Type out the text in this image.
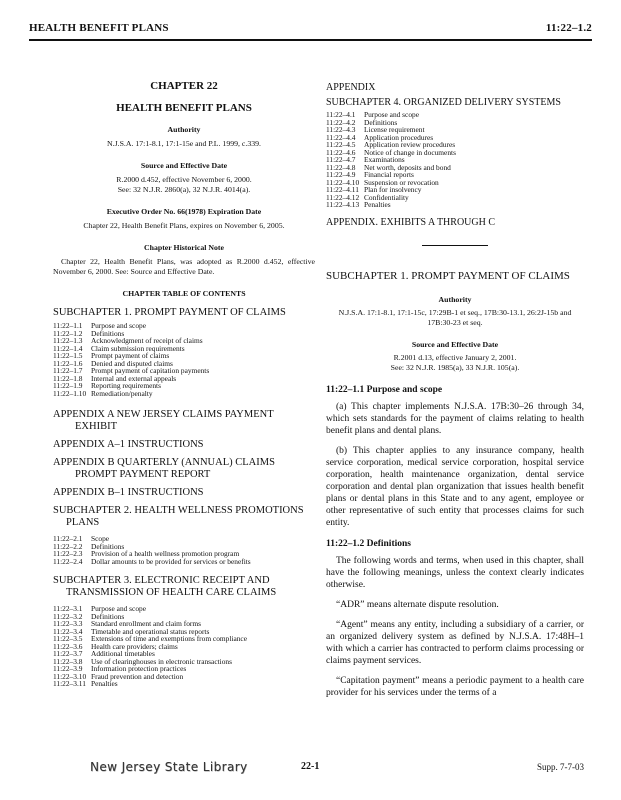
HEALTH BENEFIT PLANS	11:22–1.2

CHAPTER 22

HEALTH BENEFIT PLANS

Authority

N.J.S.A. 17:1-8.1, 17:1-15e and P.L. 1999, c.339.

Source and Effective Date

R.2000 d.452, effective November 6, 2000.

See: 32 N.J.R. 2860(a), 32 N.J.R. 4014(a).

Executive Order No. 66(1978) Expiration Date

Chapter 22, Health Benefit Plans, expires on November 6, 2005.

Chapter Historical Note

Chapter 22, Health Benefit Plans, was adopted as R.2000 d.452, effective November 6, 2000. See: Source and Effective Date.

CHAPTER TABLE OF CONTENTS

SUBCHAPTER 1. PROMPT PAYMENT OF CLAIMS

11:22–1.1	Purpose and scope
11:22–1.2	Definitions
11:22–1.3	Acknowledgment of receipt of claims
11:22–1.4	Claim submission requirements
11:22–1.5	Prompt payment of claims
11:22–1.6	Denied and disputed claims
11:22–1.7	Prompt payment of capitation payments
11:22–1.8	Internal and external appeals
11:22–1.9	Reporting requirements
11:22–1.10 Remediation/penalty

APPENDIX A NEW JERSEY CLAIMS PAYMENT EXHIBIT

APPENDIX A–1 INSTRUCTIONS

APPENDIX B QUARTERLY (ANNUAL) CLAIMS PROMPT PAYMENT REPORT

APPENDIX B–1 INSTRUCTIONS

SUBCHAPTER 2. HEALTH WELLNESS PROMOTIONS PLANS

11:22–2.1	Scope
11:22–2.2	Definitions
11:22–2.3	Provision of a health wellness promotion program
11:22–2.4	Dollar amounts to be provided for services or benefits

SUBCHAPTER 3. ELECTRONIC RECEIPT AND TRANSMISSION OF HEALTH CARE CLAIMS

11:22–3.1	Purpose and scope
11:22–3.2	Definitions
11:22–3.3	Standard enrollment and claim forms
11:22–3.4	Timetable and operational status reports
11:22–3.5	Extensions of time and exemptions from compliance
11:22–3.6	Health care providers; claims
11:22–3.7	Additional timetables
11:22–3.8	Use of clearinghouses in electronic transactions
11:22–3.9	Information protection practices
11:22–3.10 Fraud prevention and detection
11:22–3.11 Penalties

APPENDIX

SUBCHAPTER 4. ORGANIZED DELIVERY SYSTEMS

11:22–4.1	Purpose and scope
11:22–4.2	Definitions
11:22–4.3	License requirement
11:22–4.4	Application procedures
11:22–4.5	Application review procedures
11:22–4.6	Notice of change in documents
11:22–4.7	Examinations
11:22–4.8	Net worth, deposits and bond
11:22–4.9	Financial reports
11:22–4.10 Suspension or revocation
11:22–4.11 Plan for insolvency
11:22–4.12 Confidentiality
11:22–4.13 Penalties

APPENDIX. EXHIBITS A THROUGH C

SUBCHAPTER 1. PROMPT PAYMENT OF CLAIMS

Authority

N.J.S.A. 17:1-8.1, 17:1-15c, 17:29B-1 et seq., 17B:30-13.1, 26:2J-15b and 17B:30-23 et seq.

Source and Effective Date

R.2001 d.13, effective January 2, 2001.

See: 32 N.J.R. 1985(a), 33 N.J.R. 105(a).

11:22–1.1 Purpose and scope

(a) This chapter implements N.J.S.A. 17B:30–26 through 34, which sets standards for the payment of claims relating to health benefit plans and dental plans.

(b) This chapter applies to any insurance company, health service corporation, medical service corporation, hospital service corporation, health maintenance organization, dental service corporation and dental plan organization that issues health benefit plans or dental plans in this State and to any agent, employee or other representative of such entity that processes claims for such entity.

11:22–1.2 Definitions

The following words and terms, when used in this chapter, shall have the following meanings, unless the context clearly indicates otherwise.

“ADR” means alternate dispute resolution.

“Agent” means any entity, including a subsidiary of a carrier, or an organized delivery system as defined by N.J.S.A. 17:48H–1 with which a carrier has contracted to perform claims processing or claims payment services.

“Capitation payment” means a periodic payment to a health care provider for his services under the terms of a

New Jersey State Library	22-1	Supp. 7-7-03
